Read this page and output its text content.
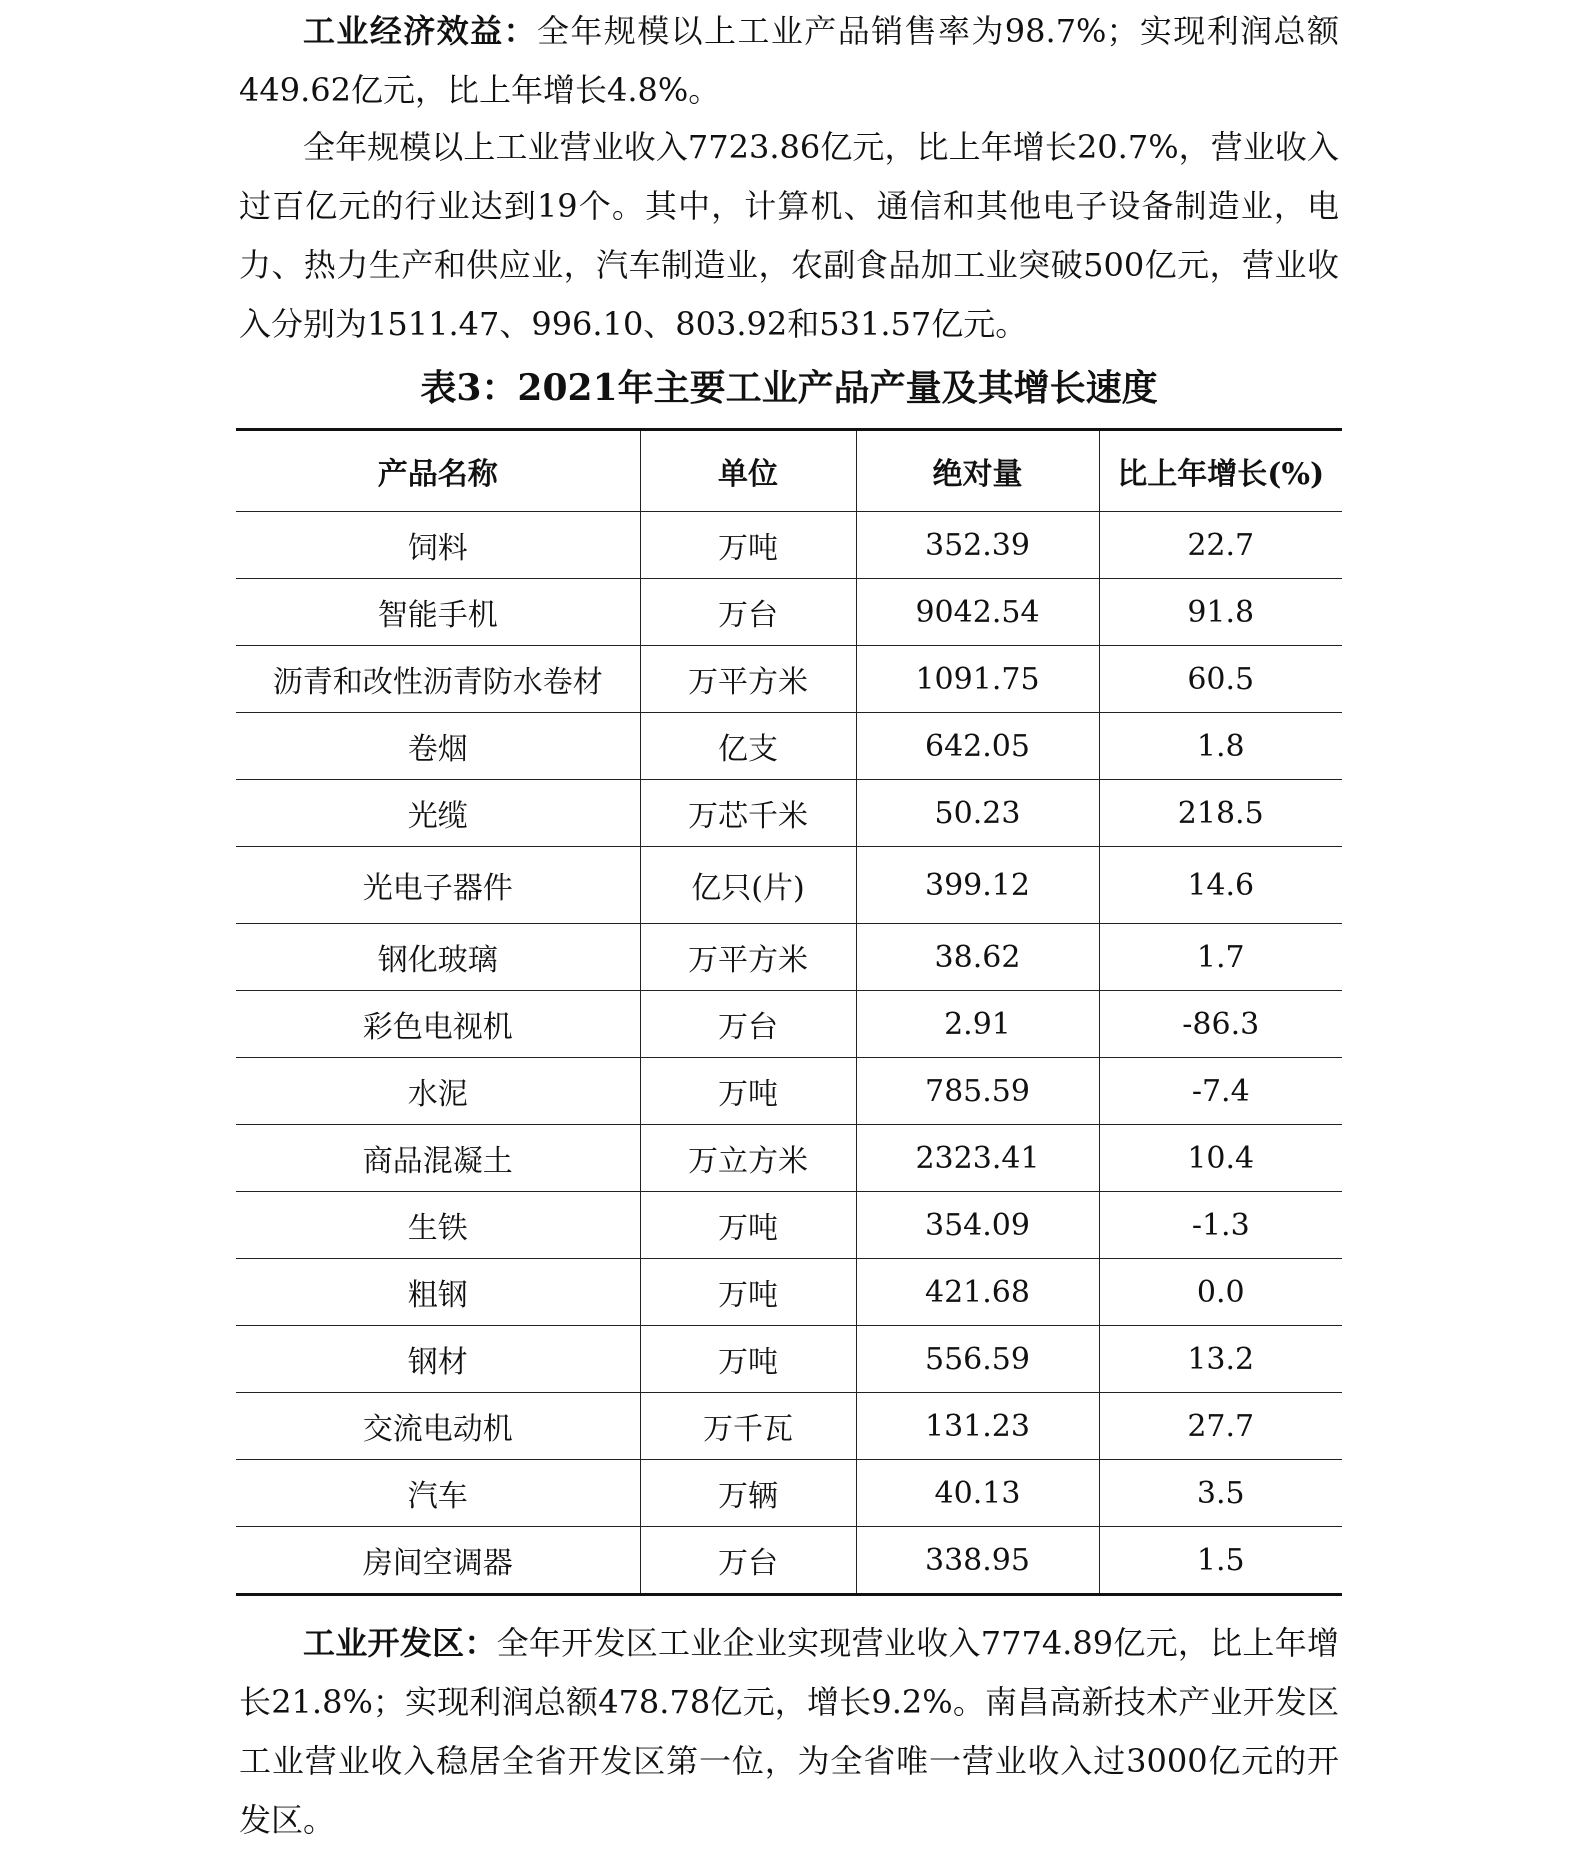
工业经济效益：全年规模以上工业产品销售率为98.7%；实现利润总额449.62亿元，比上年增长4.8%。

全年规模以上工业营业收入7723.86亿元，比上年增长20.7%，营业收入过百亿元的行业达到19个。其中，计算机、通信和其他电子设备制造业，电力、热力生产和供应业，汽车制造业，农副食品加工业突破500亿元，营业收入分别为1511.47、996.10、803.92和531.57亿元。

表3：2021年主要工业产品产量及其增长速度
产品名称	单位	绝对量	比上年增长(%)
饲料	万吨	352.39	22.7
智能手机	万台	9042.54	91.8
沥青和改性沥青防水卷材	万平方米	1091.75	60.5
卷烟	亿支	642.05	1.8
光缆	万芯千米	50.23	218.5
光电子器件	亿只(片)	399.12	14.6
钢化玻璃	万平方米	38.62	1.7
彩色电视机	万台	2.91	-86.3
水泥	万吨	785.59	-7.4
商品混凝土	万立方米	2323.41	10.4
生铁	万吨	354.09	-1.3
粗钢	万吨	421.68	0.0
钢材	万吨	556.59	13.2
交流电动机	万千瓦	131.23	27.7
汽车	万辆	40.13	3.5
房间空调器	万台	338.95	1.5

工业开发区：全年开发区工业企业实现营业收入7774.89亿元，比上年增长21.8%；实现利润总额478.78亿元，增长9.2%。南昌高新技术产业开发区工业营业收入稳居全省开发区第一位，为全省唯一营业收入过3000亿元的开发区。
